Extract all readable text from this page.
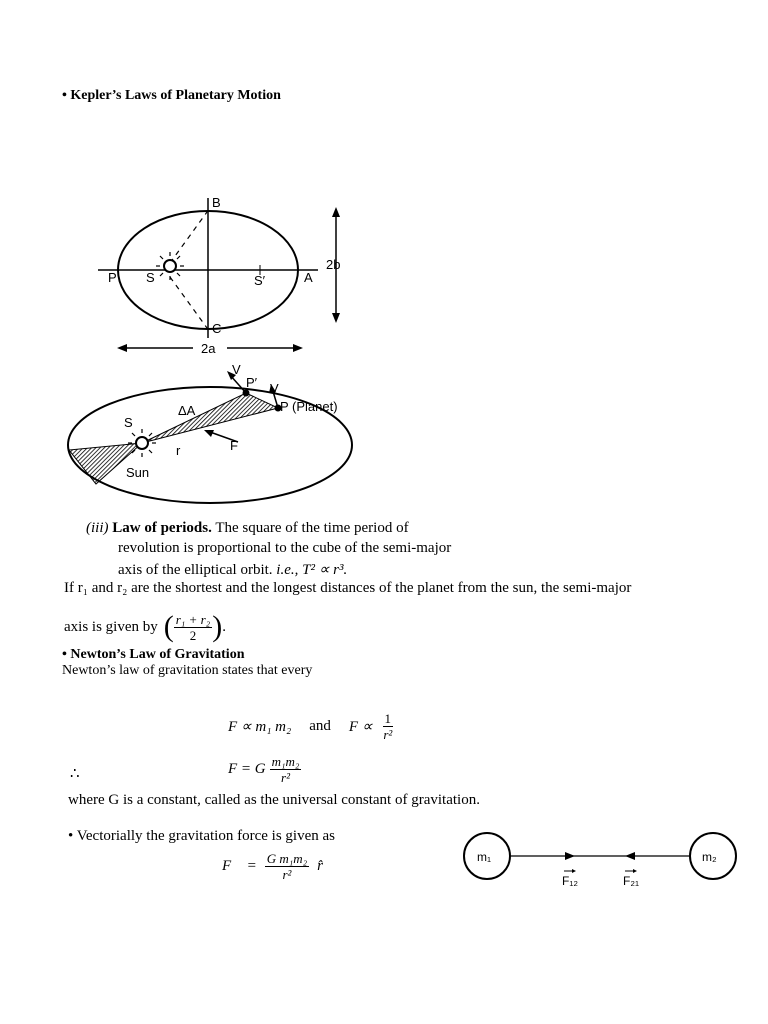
• Kepler’s Laws of Planetary Motion
B
C
P S	S′	A
2b
2a
V
P′ V
P (Planet)
ΔA
S
F
r
Sun
(iii) Law of periods. The square of the time period of
revolution is proportional to the cube of the semi-major
axis of the elliptical orbit. i.e., T² ∝ r³.
If r₁ and r₂ are the shortest and the longest distances of the planet from the sun, the semi-major
axis is given by ( $\frac{\text{r₁ + r₂}}{2}$ ) .
• Newton’s Law of Gravitation
Newton’s law of gravitation states that every
F ∝ m₁ m₂ and $F \propto \frac{1}{\text{r²}}$
∴	F = G $\frac{\text{m₁m₂}}{\text{r²}}$
where G is a constant, called as the universal constant of gravitation.
• Vectorially the gravitation force is given as
F⃗ = $\frac{\text{G m₁m₂}}{\text{r²}}$ r̂
m₁	m₂
F₁₂	F₂₁
